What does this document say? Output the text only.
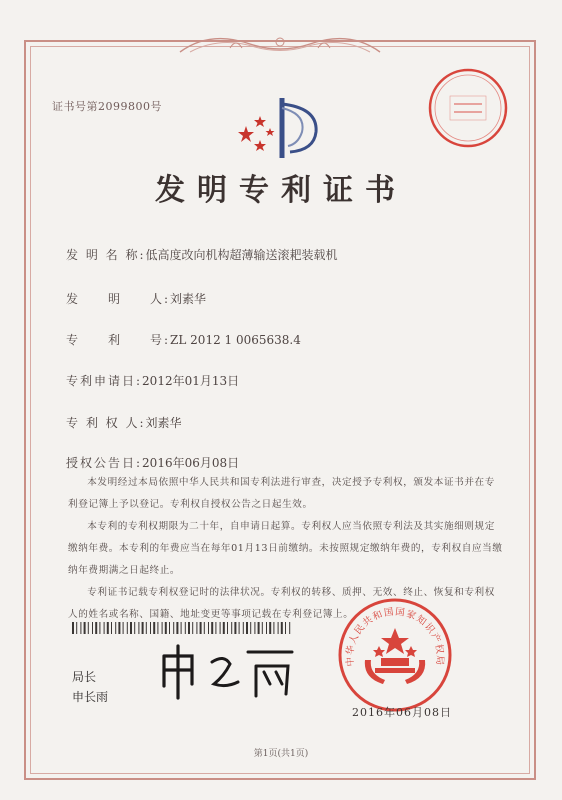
证书号第2099800号
发明专利证书
发 明 名 称:低高度改向机构超薄输送滚耙装载机
发　　明　　人:刘素华
专　　利　　号:ZL 2012 1 0065638.4
专利申请日:2012年01月13日
专 利 权 人:刘素华
授权公告日:2016年06月08日

本发明经过本局依照中华人民共和国专利法进行审查，决定授予专利权，颁发本证书并在专利登记簿上予以登记。专利权自授权公告之日起生效。

本专利的专利权期限为二十年，自申请日起算。专利权人应当依照专利法及其实施细则规定缴纳年费。本专利的年费应当在每年01月13日前缴纳。未按照规定缴纳年费的，专利权自应当缴纳年费期满之日起终止。

专利证书记载专利权登记时的法律状况。专利权的转移、质押、无效、终止、恢复和专利权人的姓名或名称、国籍、地址变更等事项记载在专利登记簿上。

局长
申长雨
中华人民共和国国家知识产权局
2016年06月08日
第1页(共1页)
